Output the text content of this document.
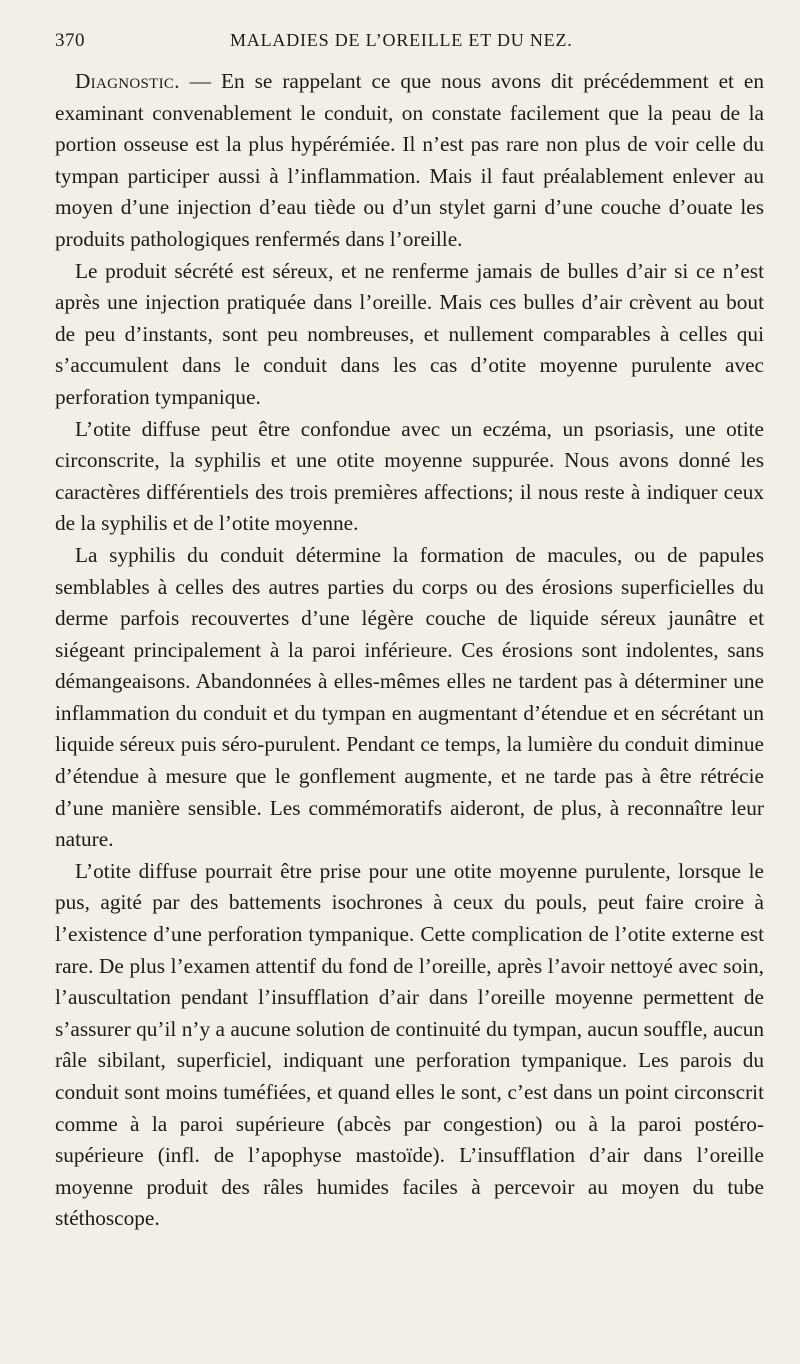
370	MALADIES DE L’OREILLE ET DU NEZ.

Diagnostic. — En se rappelant ce que nous avons dit précédemment et en examinant convenablement le conduit, on constate facilement que la peau de la portion osseuse est la plus hypérémiée. Il n’est pas rare non plus de voir celle du tympan participer aussi à l’inflammation. Mais il faut préalablement enlever au moyen d’une injection d’eau tiède ou d’un stylet garni d’une couche d’ouate les produits pathologiques renfermés dans l’oreille.

Le produit sécrété est séreux, et ne renferme jamais de bulles d’air si ce n’est après une injection pratiquée dans l’oreille. Mais ces bulles d’air crèvent au bout de peu d’instants, sont peu nombreuses, et nullement comparables à celles qui s’accumulent dans le conduit dans les cas d’otite moyenne purulente avec perforation tympanique.

L’otite diffuse peut être confondue avec un eczéma, un psoriasis, une otite circonscrite, la syphilis et une otite moyenne suppurée. Nous avons donné les caractères différentiels des trois premières affections; il nous reste à indiquer ceux de la syphilis et de l’otite moyenne.

La syphilis du conduit détermine la formation de macules, ou de papules semblables à celles des autres parties du corps ou des érosions superficielles du derme parfois recouvertes d’une légère couche de liquide séreux jaunâtre et siégeant principalement à la paroi inférieure. Ces érosions sont indolentes, sans démangeaisons. Abandonnées à elles-mêmes elles ne tardent pas à déterminer une inflammation du conduit et du tympan en augmentant d’étendue et en sécrétant un liquide séreux puis séro-purulent. Pendant ce temps, la lumière du conduit diminue d’étendue à mesure que le gonflement augmente, et ne tarde pas à être rétrécie d’une manière sensible. Les commémoratifs aideront, de plus, à reconnaître leur nature.

L’otite diffuse pourrait être prise pour une otite moyenne purulente, lorsque le pus, agité par des battements isochrones à ceux du pouls, peut faire croire à l’existence d’une perforation tympanique. Cette complication de l’otite externe est rare. De plus l’examen attentif du fond de l’oreille, après l’avoir nettoyé avec soin, l’auscultation pendant l’insufflation d’air dans l’oreille moyenne permettent de s’assurer qu’il n’y a aucune solution de continuité du tympan, aucun souffle, aucun râle sibilant, superficiel, indiquant une perforation tympanique. Les parois du conduit sont moins tuméfiées, et quand elles le sont, c’est dans un point circonscrit comme à la paroi supérieure (abcès par congestion) ou à la paroi postéro-supérieure (infl. de l’apophyse mastoïde). L’insufflation d’air dans l’oreille moyenne produit des râles humides faciles à percevoir au moyen du tube stéthoscope.
